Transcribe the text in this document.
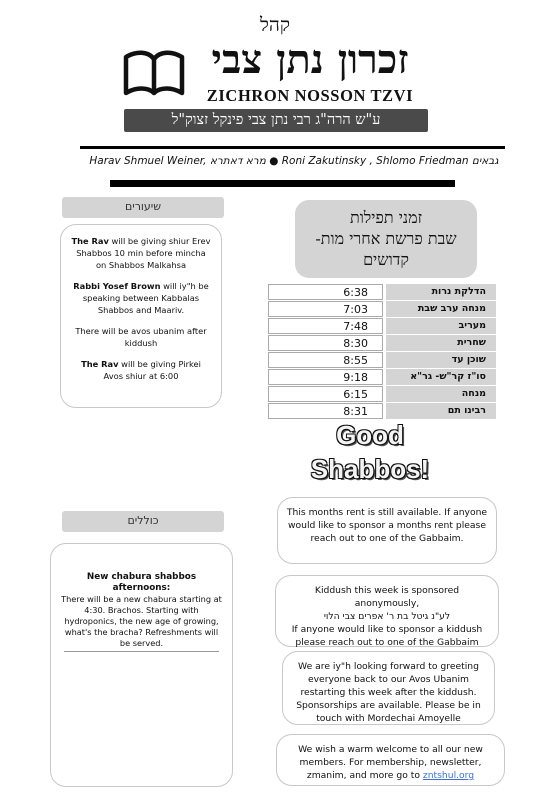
קהל
זכרון נתן צבי
ZICHRON NOSSON TZVI
ע"ש הרה"ג רבי נתן צבי פינקל זצוק"ל
Harav Shmuel Weiner, מרא דאתרא ● Roni Zakutinsky , Shlomo Friedman גבאים
שיעורים

The Rav will be giving shiur Erev Shabbos 10 min before mincha on Shabbos Malkahsa

Rabbi Yosef Brown will iy"h be speaking between Kabbalas Shabbos and Maariv.

There will be avos ubanim after kiddush

The Rav will be giving Pirkei Avos shiur at 6:00

כוללים
New chabura shabbos afternoons:
There will be a new chabura starting at 4:30. Brachos. Starting with hydroponics, the new age of growing, what's the bracha? Refreshments will be served.
זמני תפילות
שבת פרשת אחרי מות-
קדושים
6:38	הדלקת נרות
7:03	מנחה ערב שבת
7:48	מעריב
8:30	שחרית
8:55	שוכן עד
9:18	סו"ז קר"ש- גר"א
6:15	מנחה
8:31	רבינו תם
Good
Shabbos!
This months rent is still available. If anyone would like to sponsor a months rent please reach out to one of the Gabbaim.
Kiddush this week is sponsored anonymously,
לע"נ גיטל בת ר' אפרים צבי הלוי
If anyone would like to sponsor a kiddush please reach out to one of the Gabbaim
We are iy"h looking forward to greeting everyone back to our Avos Ubanim restarting this week after the kiddush. Sponsorships are available. Please be in touch with Mordechai Amoyelle
We wish a warm welcome to all our new members. For membership, newsletter, zmanim, and more go to zntshul.org
